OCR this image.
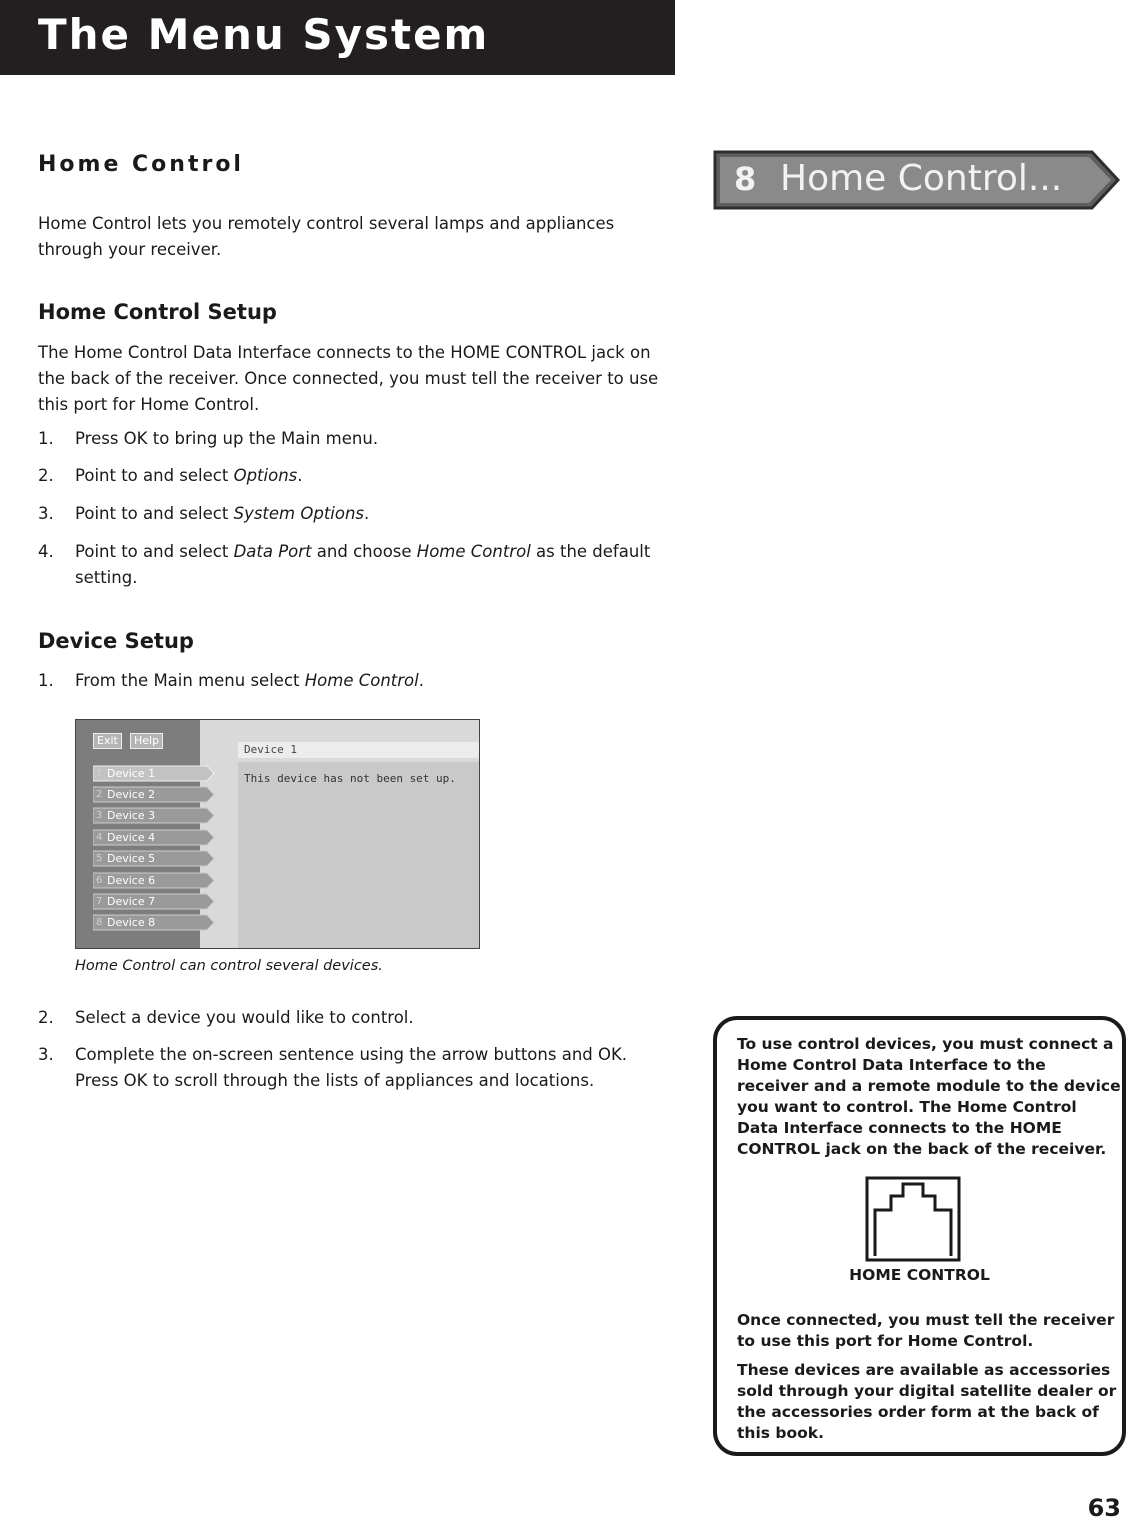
The Menu System
Home Control
Home Control lets you remotely control several lamps and appliances through your receiver.
Home Control Setup
The Home Control Data Interface connects to the HOME CONTROL jack on the back of the receiver. Once connected, you must tell the receiver to use this port for Home Control.
1. Press OK to bring up the Main menu.
2. Point to and select Options.
3. Point to and select System Options.
4. Point to and select Data Port and choose Home Control as the default setting.
Device Setup
1. From the Main menu select Home Control.
Exit	Help
Device 1
This device has not been set up.
1 Device 1
2 Device 2
3 Device 3
4 Device 4
5 Device 5
6 Device 6
7 Device 7
8 Device 8
Home Control can control several devices.
2. Select a device you would like to control.
3. Complete the on-screen sentence using the arrow buttons and OK. Press OK to scroll through the lists of appliances and locations.
8 Home Control...
To use control devices, you must connect a Home Control Data Interface to the receiver and a remote module to the device you want to control. The Home Control Data Interface connects to the HOME CONTROL jack on the back of the receiver.
HOME CONTROL
Once connected, you must tell the receiver to use this port for Home Control.
These devices are available as accessories sold through your digital satellite dealer or the accessories order form at the back of this book.
63
